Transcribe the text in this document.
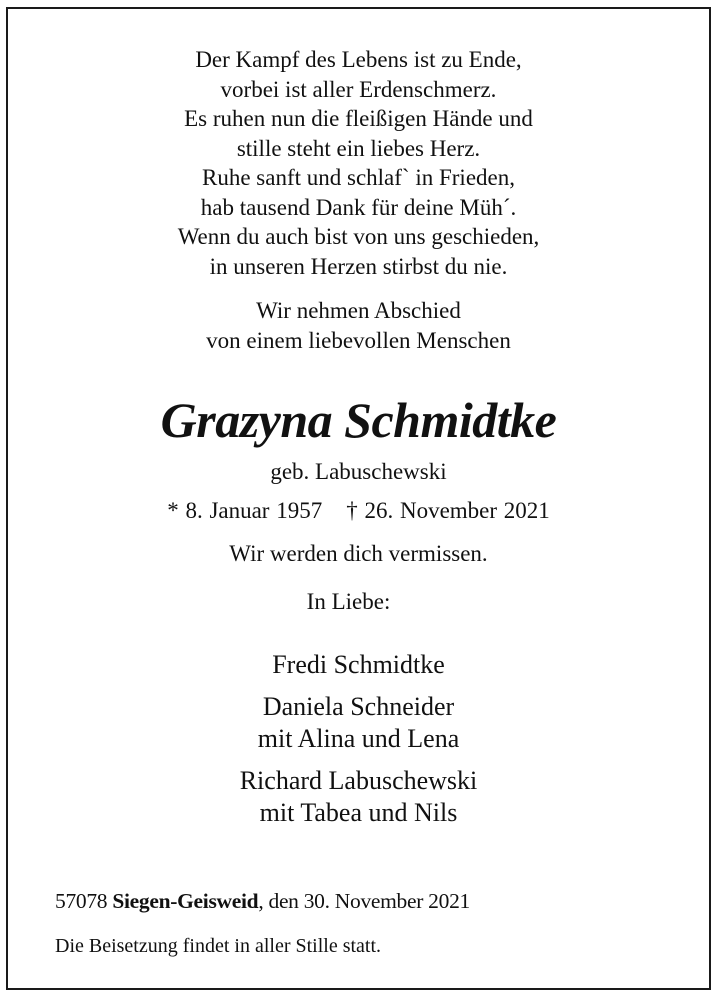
Der Kampf des Lebens ist zu Ende,
vorbei ist aller Erdenschmerz.
Es ruhen nun die fleißigen Hände und
stille steht ein liebes Herz.
Ruhe sanft und schlaf` in Frieden,
hab tausend Dank für deine Müh´.
Wenn du auch bist von uns geschieden,
in unseren Herzen stirbst du nie.
Wir nehmen Abschied
von einem liebevollen Menschen
Grazyna Schmidtke
geb. Labuschewski
* 8. Januar 1957 † 26. November 2021
Wir werden dich vermissen.
In Liebe:
Fredi Schmidtke
Daniela Schneider
mit Alina und Lena
Richard Labuschewski
mit Tabea und Nils
57078 Siegen-Geisweid, den 30. November 2021
Die Beisetzung findet in aller Stille statt.
